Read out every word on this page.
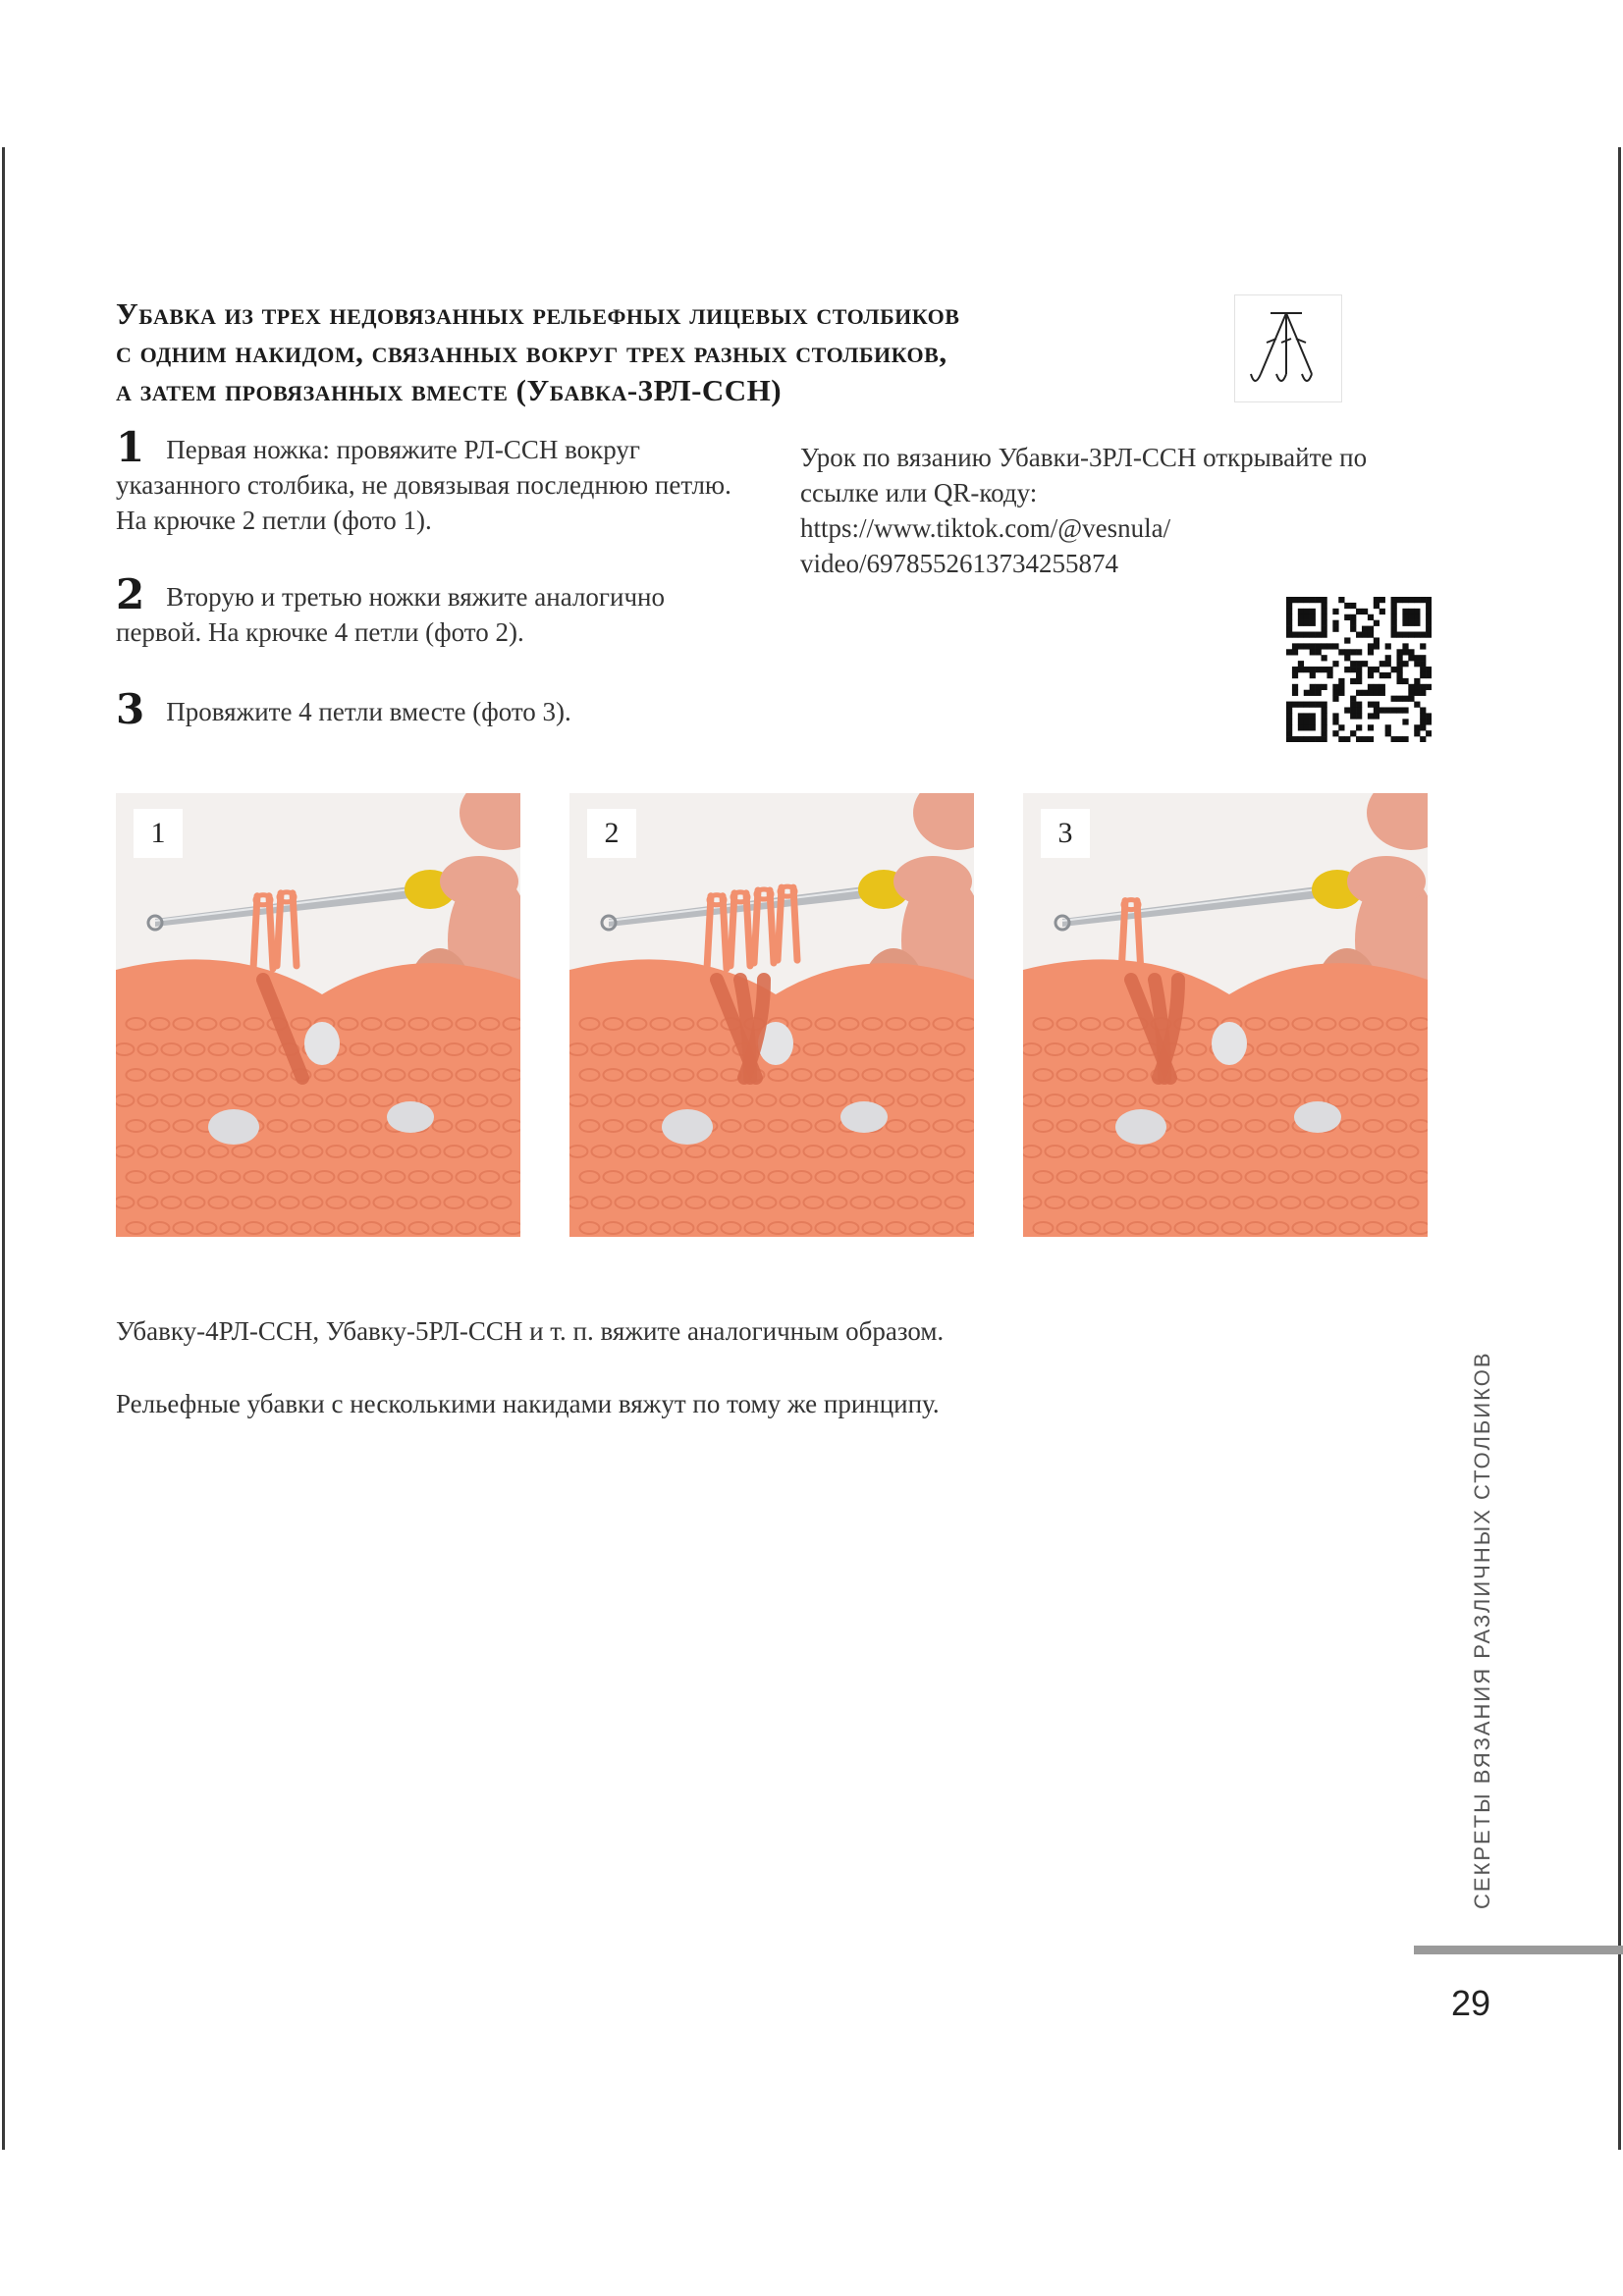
Убавка из трех недовязанных рельефных лицевых столбиков
с одним накидом, связанных вокруг трех разных столбиков,
а затем провязанных вместе (Убавка-3РЛ-ССН)
1 Первая ножка: провяжите РЛ-ССН вокруг указанного столбика, не довязывая последнюю петлю. На крючке 2 петли (фото 1).
2 Вторую и третью ножки вяжите аналогично первой. На крючке 4 петли (фото 2).
3 Провяжите 4 петли вместе (фото 3).
Урок по вязанию Убавки-3РЛ-ССН открывайте по ссылке или QR-коду:
https://www.tiktok.com/@vesnula/
video/6978552613734255874
1	2	3
Убавку-4РЛ-ССН, Убавку-5РЛ-ССН и т. п. вяжите аналогичным образом.
Рельефные убавки с несколькими накидами вяжут по тому же принципу.	СЕКРЕТЫ ВЯЗАНИЯ РАЗЛИЧНЫХ СТОЛБИКОВ
29
